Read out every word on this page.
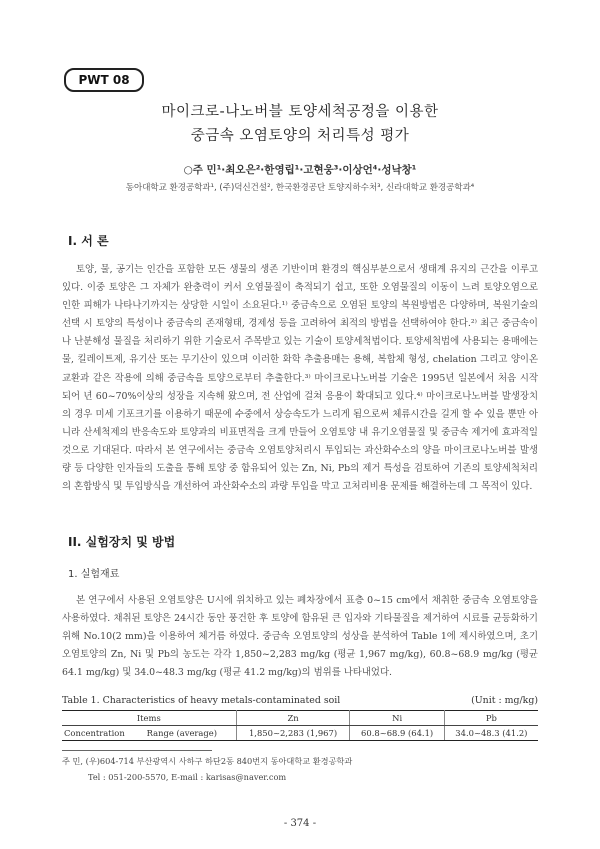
PWT 08
마이크로-나노버블 토양세척공정을 이용한
중금속 오염토양의 처리특성 평가
○주 민¹·최오은²·한영립¹·고현웅³·이상언⁴·성낙창¹
동아대학교 환경공학과¹, (주)덕신건설², 한국환경공단 토양지하수처³, 신라대학교 환경공학과⁴
I. 서 론

토양, 물, 공기는 인간을 포함한 모든 생물의 생존 기반이며 환경의 핵심부분으로서 생태계 유지의 근간을 이루고 있다. 이중 토양은 그 자체가 완충력이 커서 오염물질이 축적되기 쉽고, 또한 오염물질의 이동이 느려 토양오염으로 인한 피해가 나타나기까지는 상당한 시일이 소요된다.¹⁾ 중금속으로 오염된 토양의 복원방법은 다양하며, 복원기술의 선택 시 토양의 특성이나 중금속의 존재형태, 경제성 등을 고려하여 최적의 방법을 선택하여야 한다.²⁾ 최근 중금속이나 난분해성 물질을 처리하기 위한 기술로서 주목받고 있는 기술이 토양세척법이다. 토양세척법에 사용되는 용매에는 물, 킬레이트제, 유기산 또는 무기산이 있으며 이러한 화학 추출용매는 용해, 복합체 형성, chelation 그리고 양이온 교환과 같은 작용에 의해 중금속을 토양으로부터 추출한다.³⁾ 마이크로나노버블 기술은 1995년 일본에서 처음 시작되어 년 60~70%이상의 성장을 지속해 왔으며, 전 산업에 걸쳐 응용이 확대되고 있다.⁴⁾ 마이크로나노버블 발생장치의 경우 미세 기포크기를 이용하기 때문에 수중에서 상승속도가 느리게 됨으로써 체류시간을 길게 할 수 있을 뿐만 아니라 산세척제의 반응속도와 토양과의 비표면적을 크게 만들어 오염토양 내 유기오염물질 및 중금속 제거에 효과적일 것으로 기대된다. 따라서 본 연구에서는 중금속 오염토양처리시 투입되는 과산화수소의 양을 마이크로나노버블 발생량 등 다양한 인자들의 도출을 통해 토양 중 함유되어 있는 Zn, Ni, Pb의 제거 특성을 검토하여 기존의 토양세척처리의 혼합방식 및 투입방식을 개선하여 과산화수소의 과량 투입을 막고 고처리비용 문제를 해결하는데 그 목적이 있다.

II. 실험장치 및 방법
1. 실험재료

본 연구에서 사용된 오염토양은 U시에 위치하고 있는 폐차장에서 표층 0~15 cm에서 채취한 중금속 오염토양을 사용하였다. 채취된 토양은 24시간 동안 풍건한 후 토양에 함유된 큰 입자와 기타물질을 제거하여 시료를 균등화하기 위해 No.10(2 mm)을 이용하여 체거름 하였다. 중금속 오염토양의 성상을 분석하여 Table 1에 제시하였으며, 초기 오염토양의 Zn, Ni 및 Pb의 농도는 각각 1,850~2,283 mg/kg (평균 1,967 mg/kg), 60.8~68.9 mg/kg (평균 64.1 mg/kg) 및 34.0~48.3 mg/kg (평균 41.2 mg/kg)의 범위를 나타내었다.

Table 1. Characteristics of heavy metals-contaminated soil	(Unit : mg/kg)
Items		Zn	Ni	Pb
Concentration	Range (average)	1,850~2,283 (1,967)	60.8~68.9 (64.1)	34.0~48.3 (41.2)
주 민, (우)604-714 부산광역시 사하구 하단2동 840번지 동아대학교 환경공학과
Tel : 051-200-5570, E-mail : karisas@naver.com
- 374 -
